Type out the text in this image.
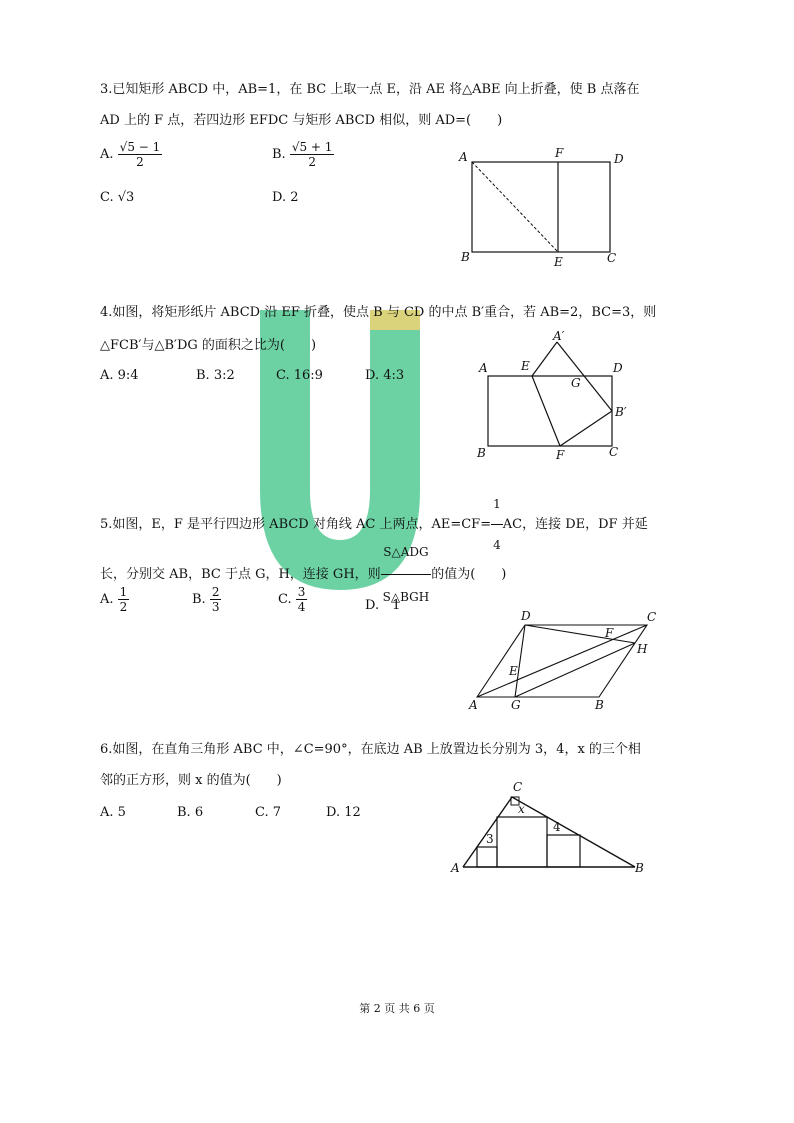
3.已知矩形 ABCD 中，AB=1，在 BC 上取一点 E，沿 AE 将△ABE 向上折叠，使 B 点落在
AD 上的 F 点，若四边形 EFDC 与矩形 ABCD 相似，则 AD=(　　)
A. $\frac{√5 - 1}{2}$	B. $\frac{√5 + 1}{2}$
C. √3	D. 2
A	F	D
B	E	C
4.如图，将矩形纸片 ABCD 沿 EF 折叠，使点 B 与 CD 的中点 B′重合，若 AB=2，BC=3，则
△FCB′与△B′DG 的面积之比为(　　)
A. 9:4	B. 3:2	C. 16:9	D. 4:3	A	E
A′
G
D
B′
B	F	C
5.如图，E，F 是平行四边形 ABCD 对角线 AC 上两点，$AE=CF= \frac{1}{4}$ AC，连接 DE，DF 并延
长，分别交 AB，BC 于点 G，H，连接 GH，则 $\frac{\text{S△ADG}}{\text{S△BGH}}$ 的值为(　　)
A. $\frac{1}{2}$	B. $\frac{2}{3}$	C. $\frac{3}{4}$	D.　1
A	G	B
D	C
F
H
E
6.如图，在直角三角形 ABC 中，∠C=90°，在底边 AB 上放置边长分别为 3，4，x 的三个相
邻的正方形，则 x 的值为(　　)
A. 5	B. 6	C. 7	D. 12
C
A	B
3
4
x
第 2 页 共 6 页
